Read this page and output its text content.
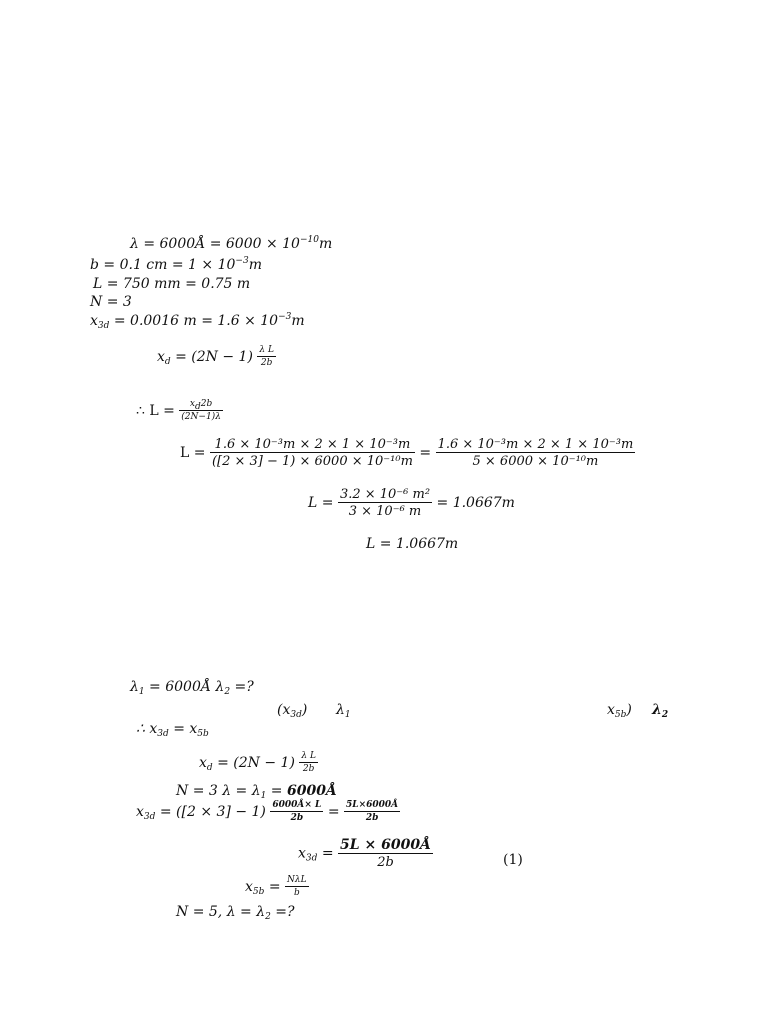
λ = 6000Å = $6000 \times 10^{-10}m$
b = 0.1 cm = $1 \times 10^{-3}m$
L = 750 mm = 0.75 m
N = 3
$x_{3d} = 0.0016$ $m = 1.6 \times 10^{-3}m$
$x_d = (2N - 1) \frac{\text{λ L}}{2b}$
∴ $L = \frac{x_d2b}{(2N-1)\lambda}$
$L = \frac{\text{1.6 × 10⁻³m × 2 × 1 × 10⁻³m}}{\text{([2 × 3] − 1) × 6000 × 10⁻¹⁰m}} = \frac{\text{1.6 × 10⁻³m × 2 × 1 × 10⁻³m}}{\text{5 × 6000 × 10⁻¹⁰m}}$
$L = \frac{\text{3.2 × 10⁻⁶ m²}}{\text{3 × 10⁻⁶ m}} = 1.0667m$
L = 1.0667m
$\lambda_1$ = 6000Å $\lambda_2$ =?
$(x_{3d})$ $\lambda_1$	$x_{5b}$) $\lambda_2$
∴ $x_{3d} = x_{5b}$
$x_d = (2N - 1) \frac{\text{λ L}}{2b}$
N = 3 $\lambda = \lambda_1$ = 6000Å
$x_{3d} = ([2 \times 3] - 1) \frac{6000Å\times L}{2b} = \frac{5L\times 6000Å}{2b}$
$x_{3d} = \frac{5L \times 6000Å}{2b}$	(1)
$x_{5b} = \frac{\text{NλL}}{b}$
N = 5, $\lambda = \lambda_2$ =?
